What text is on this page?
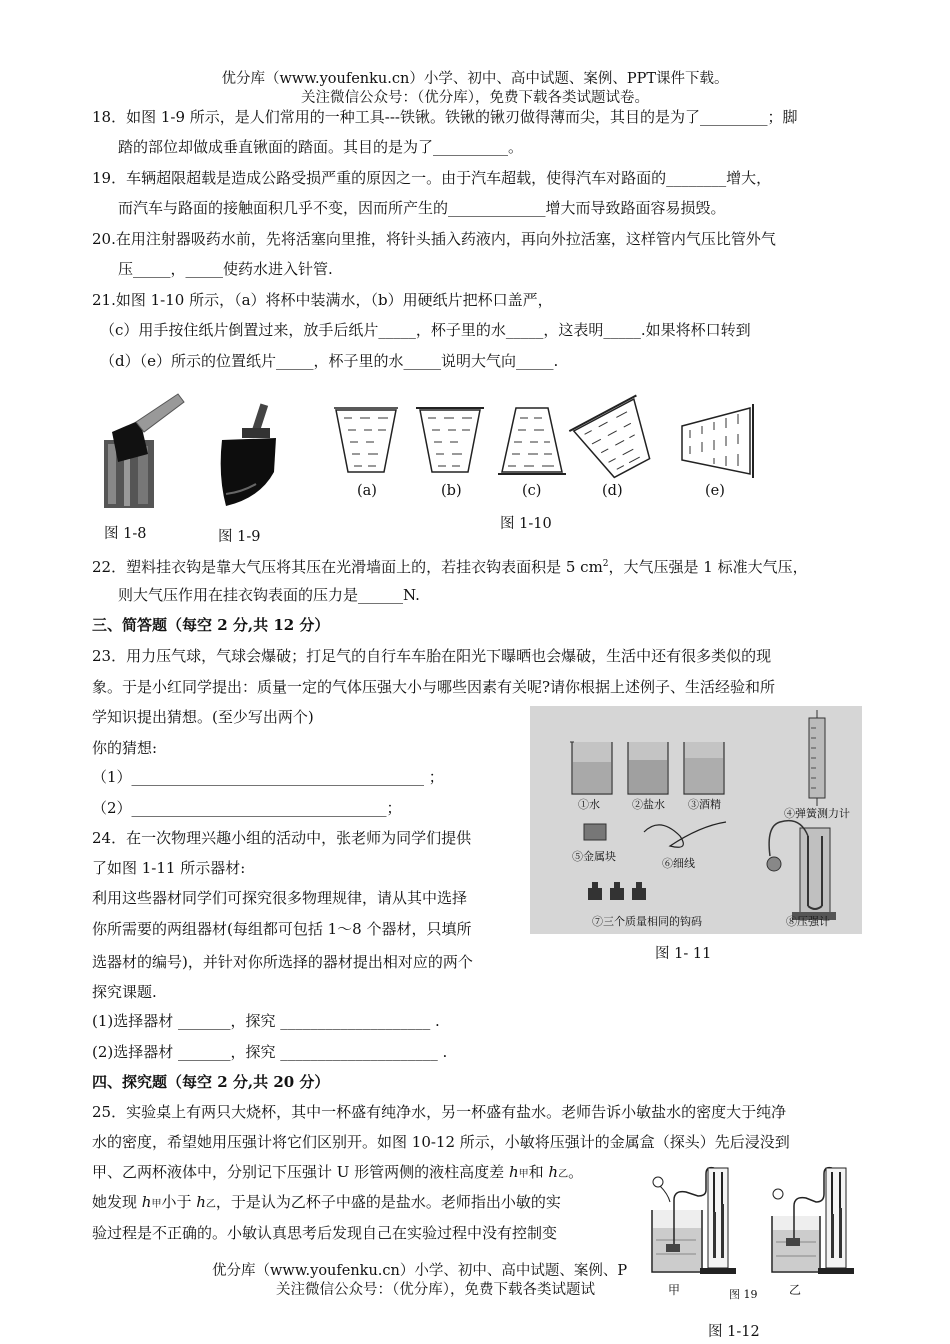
优分库（www.youfenku.cn）小学、初中、高中试题、案例、PPT课件下载。
关注微信公众号：（优分库），免费下载各类试题试卷。
18．如图 1-9 所示，是人们常用的一种工具---铁锹。铁锹的锹刃做得薄而尖，其目的是为了_________；脚
踏的部位却做成垂直锹面的踏面。其目的是为了__________。
19．车辆超限超载是造成公路受损严重的原因之一。由于汽车超载，使得汽车对路面的________增大，
而汽车与路面的接触面积几乎不变，因而所产生的_____________增大而导致路面容易损毁。
20.在用注射器吸药水前，先将活塞向里推，将针头插入药液内，再向外拉活塞，这样管内气压比管外气
压_____，_____使药水进入针管.
21.如图 1-10 所示，（a）将杯中装满水，（b）用硬纸片把杯口盖严，
（c）用手按住纸片倒置过来，放手后纸片_____，杯子里的水_____，这表明_____.如果将杯口转到
（d）（e）所示的位置纸片_____，杯子里的水_____说明大气向_____.
图 1-8	图 1-9
(a)	(b)	(c)	(d)	(e)
图 1-10
22．塑料挂衣钩是靠大气压将其压在光滑墙面上的，若挂衣钩表面积是 5 $cm^2$，大气压强是 1 标准大气压，
则大气压作用在挂衣钩表面的压力是______N.
三、简答题（每空 2 分,共 12 分）
23．用力压气球，气球会爆破；打足气的自行车车胎在阳光下曝晒也会爆破，生活中还有很多类似的现
象。于是小红同学提出：质量一定的气体压强大小与哪些因素有关呢?请你根据上述例子、生活经验和所
学知识提出猜想。(至少写出两个)
你的猜想:
（1）_______________________________________ ；
（2）__________________________________；
24．在一次物理兴趣小组的活动中，张老师为同学们提供
了如图 1-11 所示器材:
利用这些器材同学们可探究很多物理规律，请从其中选择
你所需要的两组器材(每组都可包括 1～8 个器材，只填所
选器材的编号)，并针对你所选择的器材提出相对应的两个
探究课题.
(1)选择器材 _______，探究 ____________________ .
(2)选择器材 _______，探究 _____________________ .
①水	②盐水 ③酒精
④弹簧测力计
⑤金属块
⑥细线
⑦三个质量相同的钩码	⑧压强计
图 1- 11
四、探究题（每空 2 分,共 20 分）
25．实验桌上有两只大烧杯，其中一杯盛有纯净水，另一杯盛有盐水。老师告诉小敏盐水的密度大于纯净
水的密度，希望她用压强计将它们区别开。如图 10-12 所示，小敏将压强计的金属盒（探头）先后浸没到
甲、乙两杯液体中，分别记下压强计 U 形管两侧的液柱高度差 h甲和 h乙。
她发现 h甲小于 h乙，于是认为乙杯子中盛的是盐水。老师指出小敏的实
验过程是不正确的。小敏认真思考后发现自己在实验过程中没有控制变
甲	图 19	乙
图 1-12
优分库（www.youfenku.cn）小学、初中、高中试题、案例、P
关注微信公众号：（优分库），免费下载各类试题试
